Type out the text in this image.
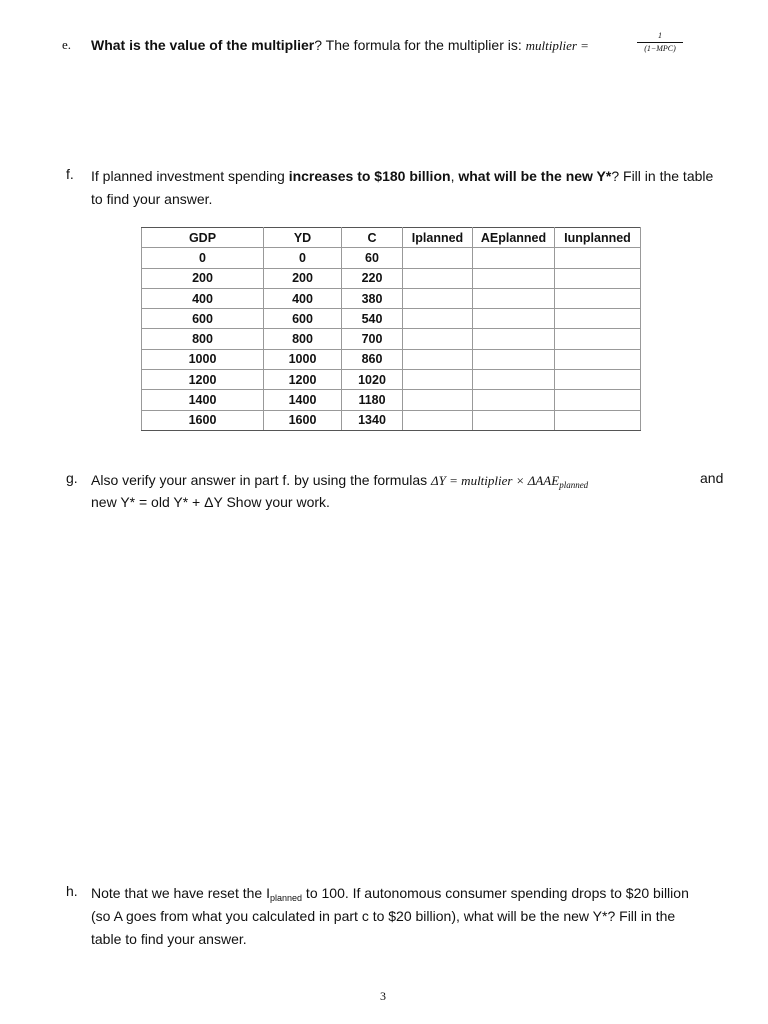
e. What is the value of the multiplier? The formula for the multiplier is: multiplier =
1
(1−MPC)
f. If planned investment spending increases to $180 billion, what will be the new Y*? Fill in the table
to find your answer.
GDP	YD	C	Iplanned	AEplanned	Iunplanned
0	0	60			
200	200	220			
400	400	380			
600	600	540			
800	800	700			
1000	1000	860			
1200	1200	1020			
1400	1400	1180			
1600	1600	1340			
g. Also verify your answer in part f. by using the formulas ΔY = multiplier × $\Delta AAE_{planned}$	and
new Y* = old Y* + ΔY Show your work.
h. Note that we have reset the $I_{planned}$ to 100. If autonomous consumer spending drops to $20 billion
(so A goes from what you calculated in part c to $20 billion), what will be the new Y*? Fill in the
table to find your answer.
3
